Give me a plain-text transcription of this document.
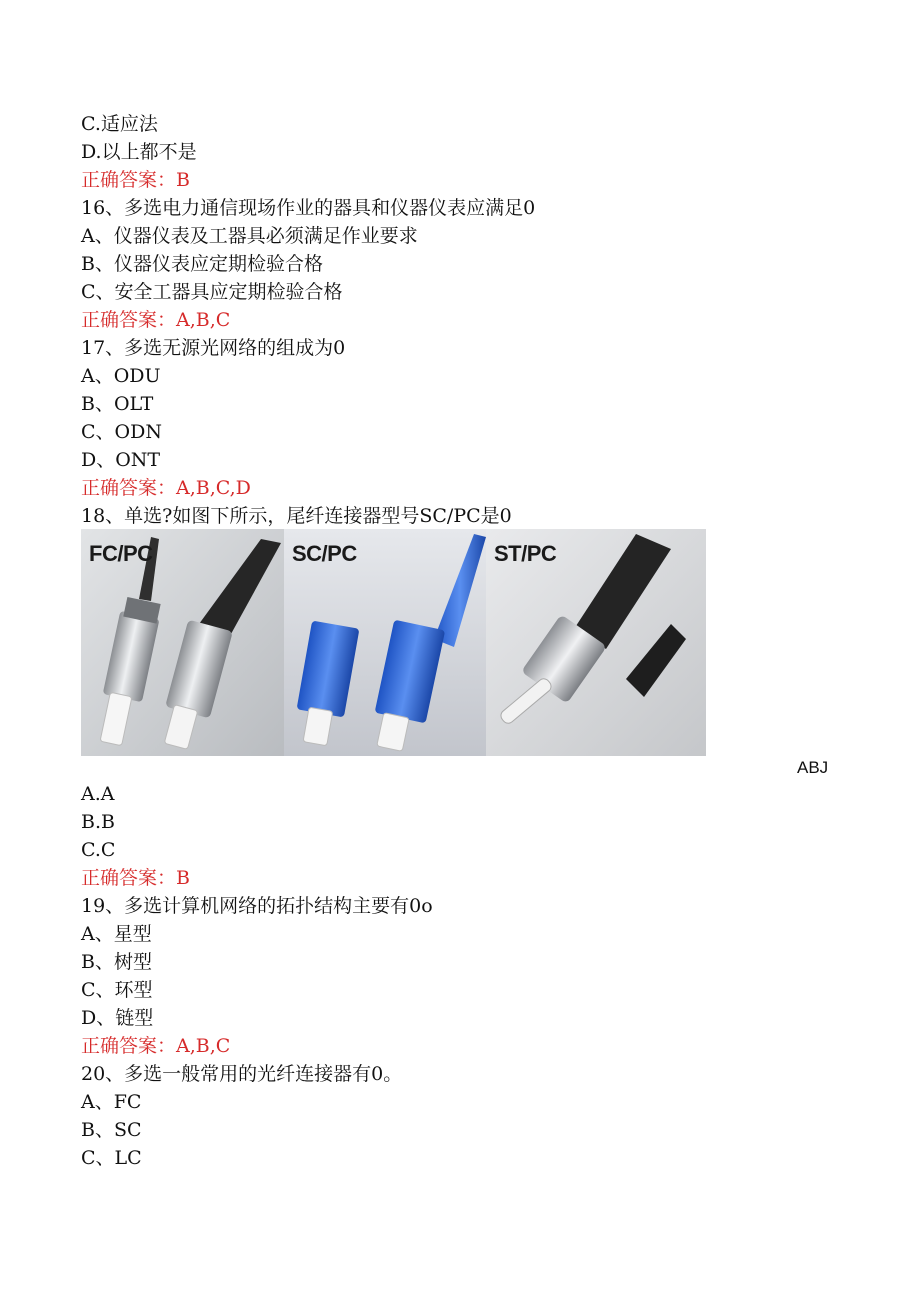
C.适应法
D.以上都不是
正确答案：B
16、多选电力通信现场作业的器具和仪器仪表应满足0
A、仪器仪表及工器具必须满足作业要求
B、仪器仪表应定期检验合格
C、安全工器具应定期检验合格
正确答案：A,B,C
17、多选无源光网络的组成为0
A、ODU
B、OLT
C、ODN
D、ONT
正确答案：A,B,C,D
18、单选?如图下所示，尾纤连接器型号SC/PC是0
FC/PC	SC/PC	ST/PC
ABJ
A.A
B.B
C.C
正确答案：B
19、多选计算机网络的拓扑结构主要有0o
A、星型
B、树型
C、环型
D、链型
正确答案：A,B,C
20、多选一般常用的光纤连接器有0。
A、FC
B、SC
C、LC
